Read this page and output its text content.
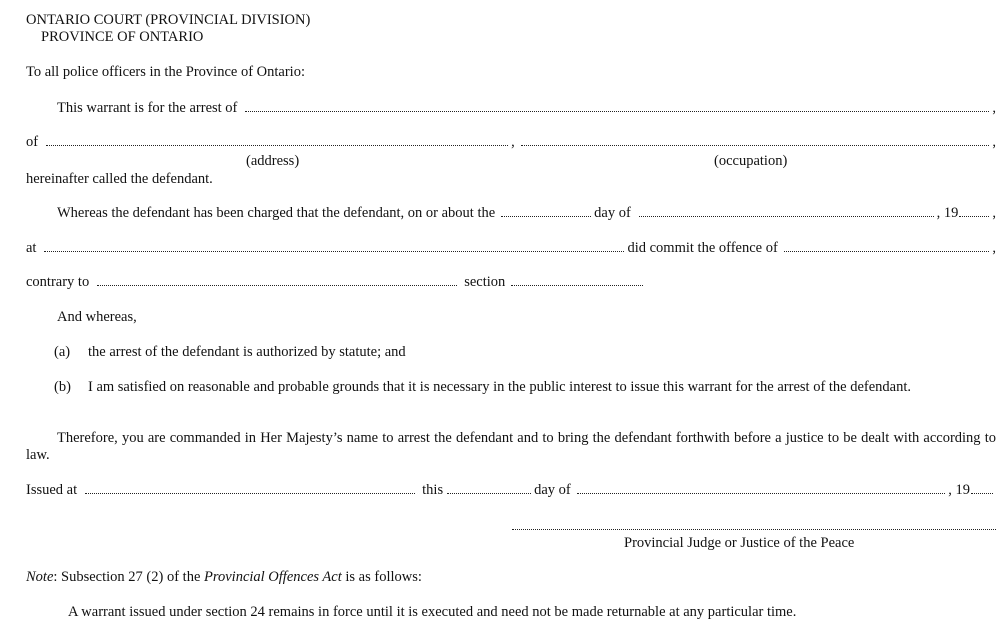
ONTARIO COURT (PROVINCIAL DIVISION)
PROVINCE OF ONTARIO
To all police officers in the Province of Ontario:
This warrant is for the arrest of	,
of	,	,
(address)	(occupation)
hereinafter called the defendant.
Whereas the defendant has been charged that the defendant, on or about the	day of	, 19 ,
at	did commit the offence of	,
contrary to	section
And whereas,
(a)	the arrest of the defendant is authorized by statute; and
(b)	I am satisfied on reasonable and probable grounds that it is necessary in the public interest to issue this warrant for the arrest of the defendant.
Therefore, you are commanded in Her Majesty’s name to arrest the defendant and to bring the defendant forthwith before a justice to be dealt with according to law.
Issued at	this	day of	, 19
Provincial Judge or Justice of the Peace
Note: Subsection 27 (2) of the Provincial Offences Act is as follows:
A warrant issued under section 24 remains in force until it is executed and need not be made returnable at any particular time.
